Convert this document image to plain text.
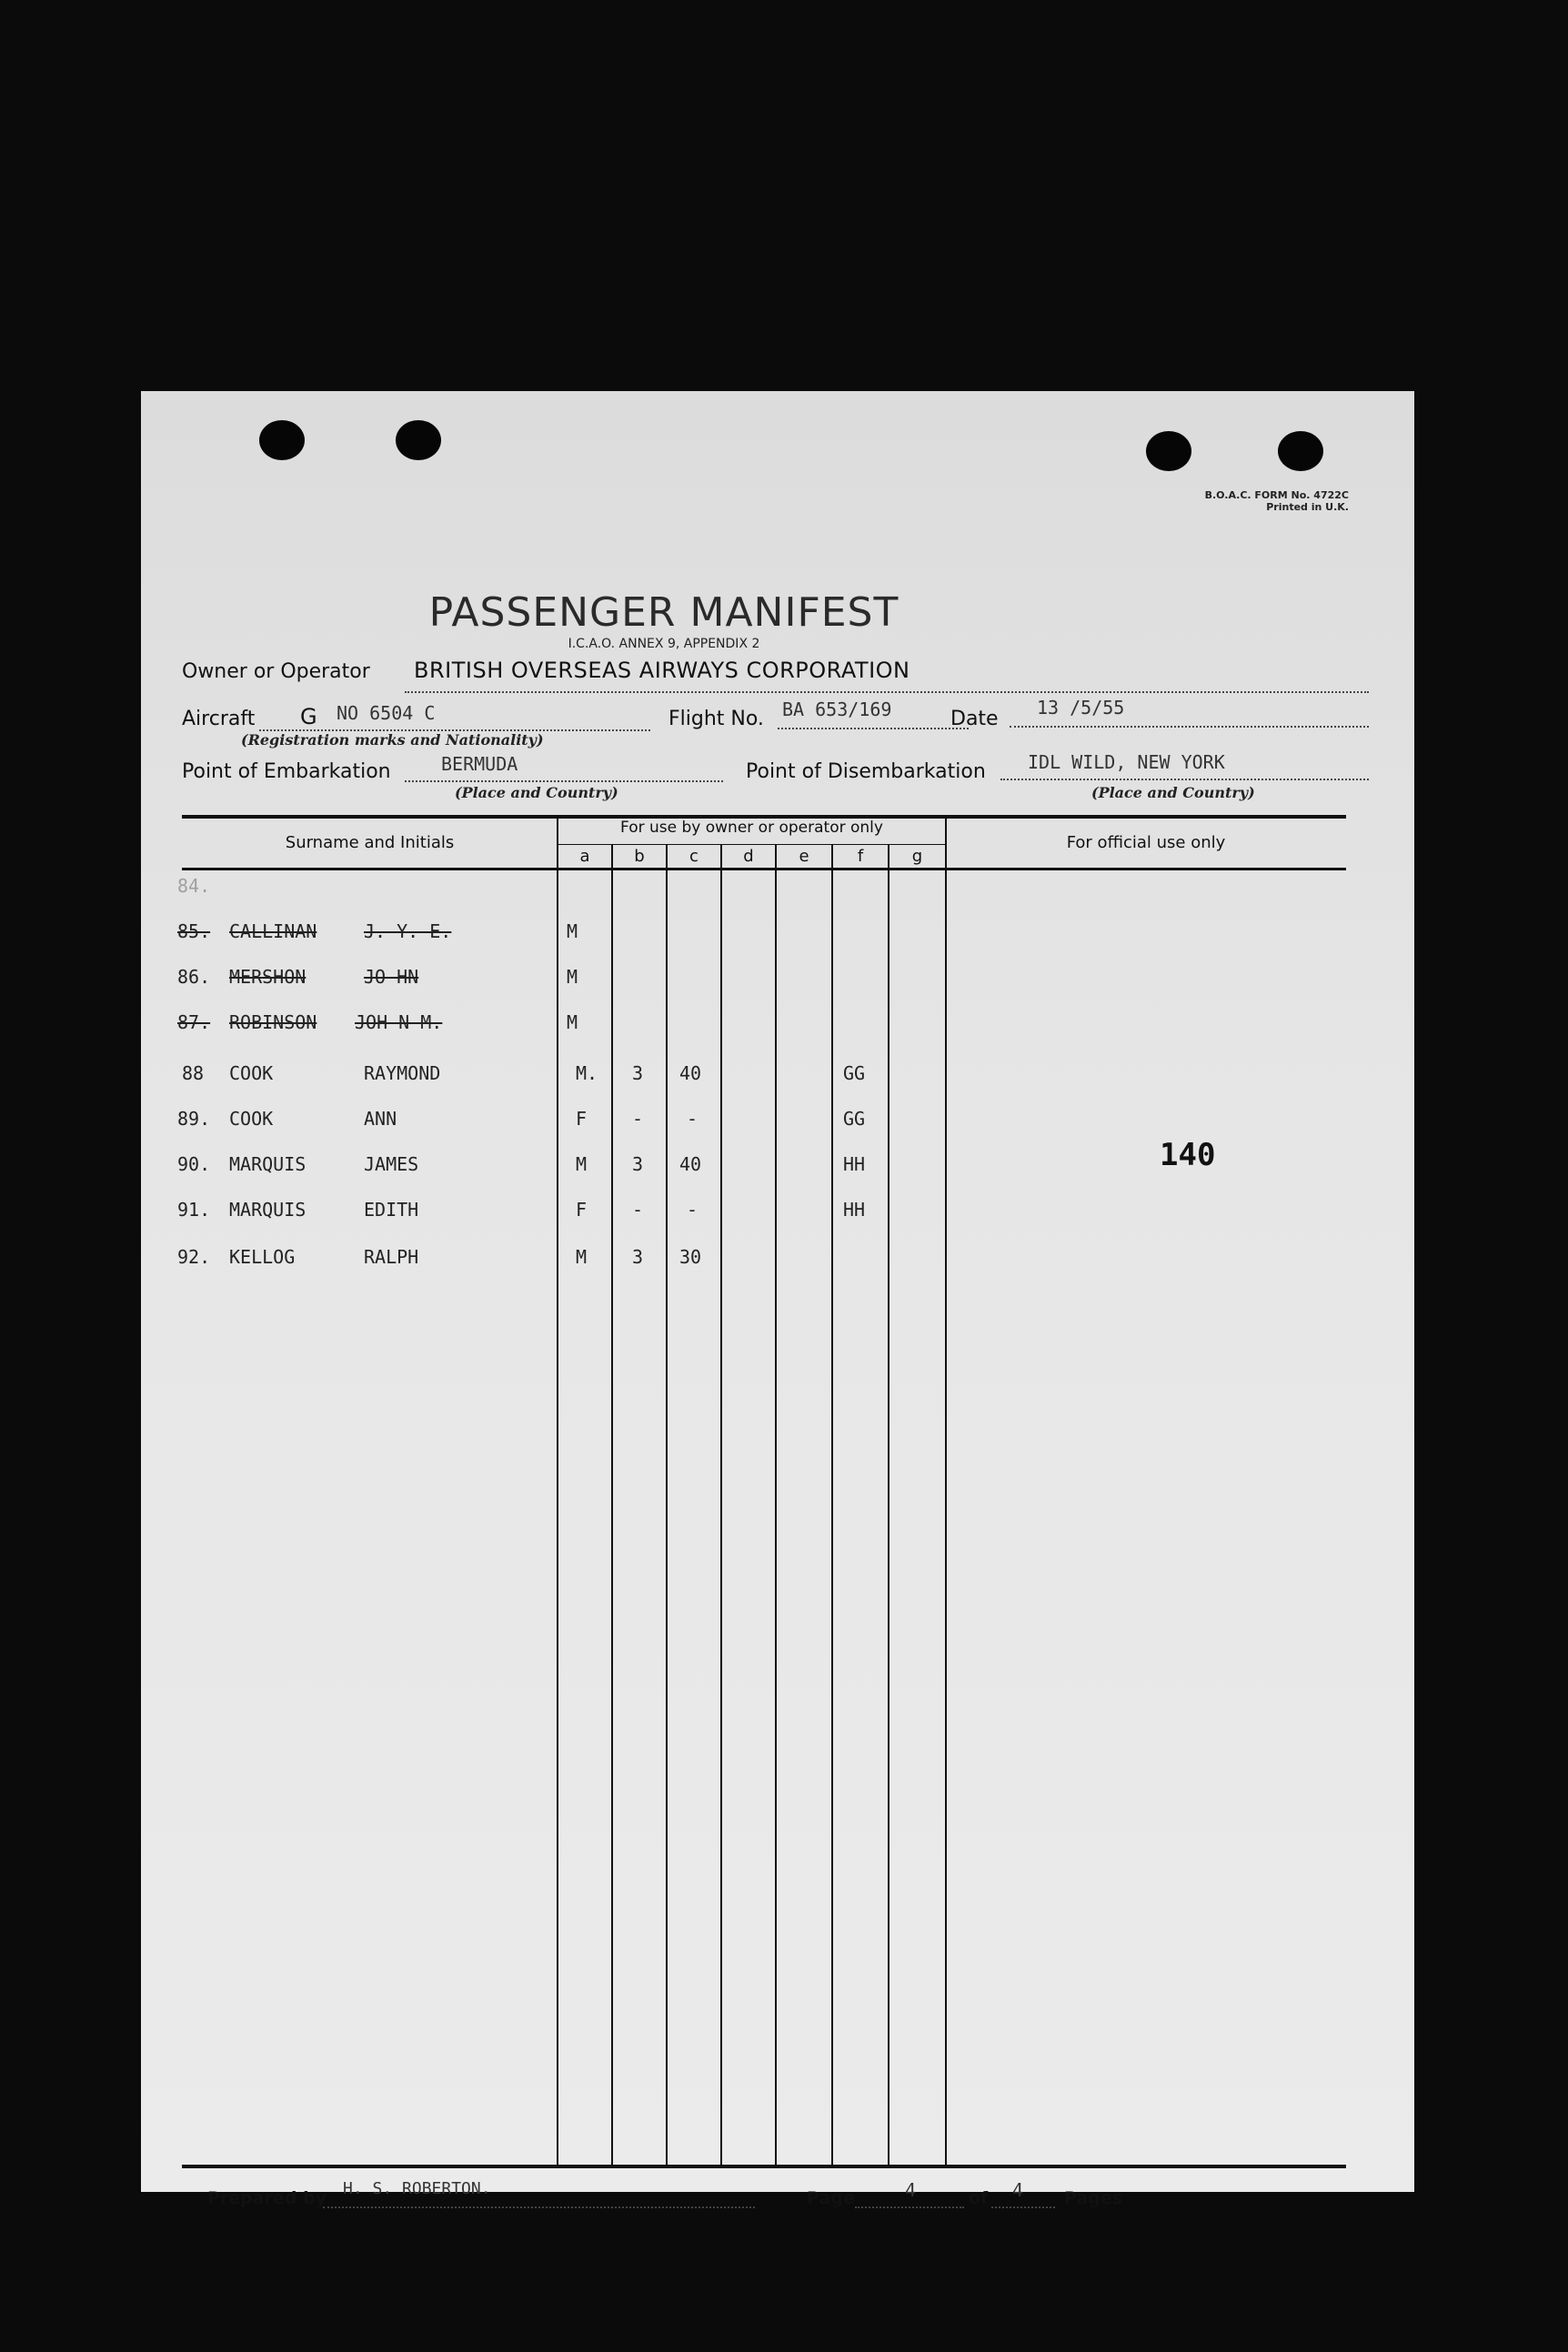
B.O.A.C. FORM No. 4722C
Printed in U.K.
PASSENGER MANIFEST
I.C.A.O. ANNEX 9, APPENDIX 2
Owner or Operator BRITISH OVERSEAS AIRWAYS CORPORATION
Aircraft G NO 6504 C
(Registration marks and Nationality)
Flight No. BA 653/169	Date 13 /5/55
Point of Embarkation	BERMUDA
(Place and Country)
Point of Disembarkation IDL WILD, NEW YORK
(Place and Country)
Surname and Initials
For use by owner or operator only
For official use only
a	b	c	d	e	f	g
84.
85. CALLINAN	J. Y. E.	M
86. MERSHON	JO HN	M
87. ROBINSON JOH N M.	M
88 COOK	RAYMOND	M. 3 40	GG
89. COOK	ANN	F - -	GG
90. MARQUIS	JAMES	M 3 40	HH
91. MARQUIS	EDITH	F - -	HH
92. KELLOG	RALPH	M 3 30
140
Prepared by H. S. ROBERTON.	Page	4	of 4 Pages
